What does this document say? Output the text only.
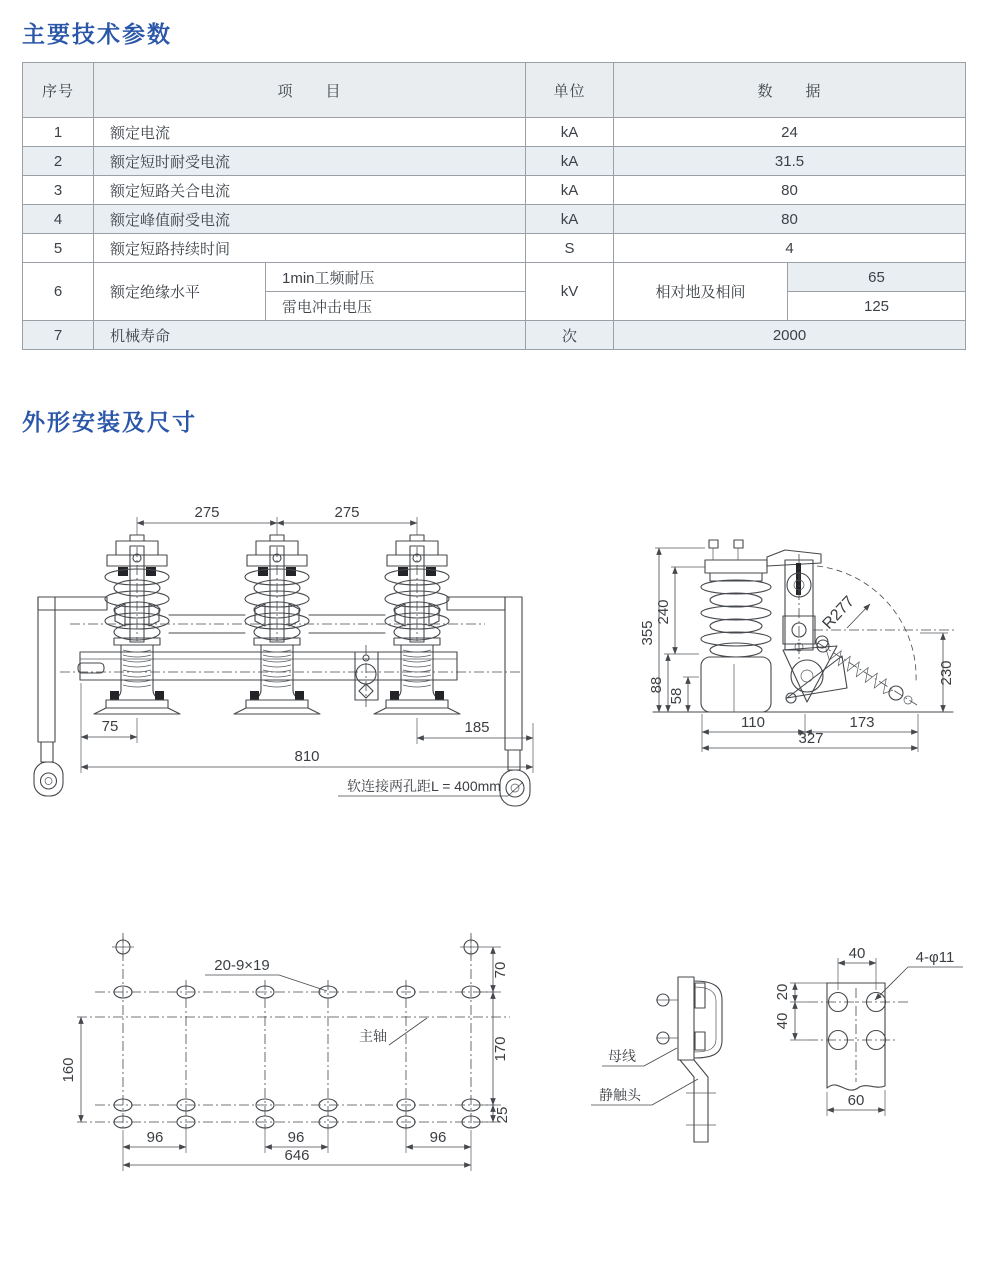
主要技术参数
序号	项　　目		单位	数　　据	
1	额定电流		kA	24	
2	额定短时耐受电流		kA	31.5	
3	额定短路关合电流		kA	80	
4	额定峰值耐受电流		kA	80	
5	额定短路持续时间		S	4	
6	额定绝缘水平	1min工频耐压	kV	相对地及相间	65
		雷电冲击电压			125
7	机械寿命		次	2000	
外形安装及尺寸
275	275
75	185
810
软连接两孔距L = 400mm
R277
355
240
88
58
230
110	173
327
20-9×19
主轴
70
170
25
160
96	96	96
646
母线
静触头
40	4-φ11
20
40
60
